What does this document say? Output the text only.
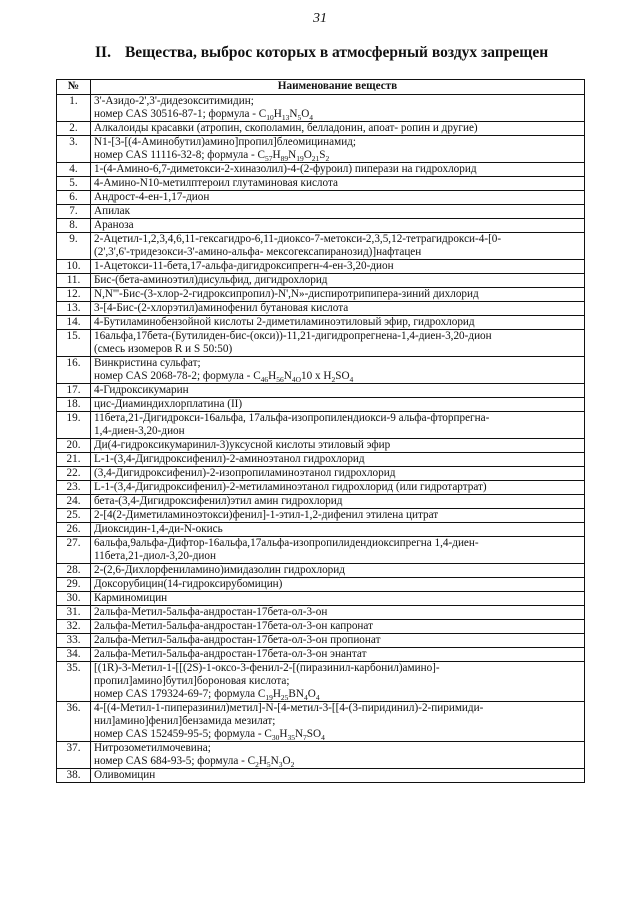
31
II. Вещества, выброс которых в атмосферный воздух запрещен
№	Наименование веществ
1.	3'-Азидо-2',3'-дидезокситимидин;
номер CAS 30516-87-1; формула - $C_{10}H_{13}N_5O_4$
2.	Алкалоиды красавки (атропин, скополамин, белладонин, апоат- ропин и другие)
3.	N1-[3-[(4-Аминобутил)амино]пропил]блеомицинамид;
номер CAS 11116-32-8; формула - $C_{57}H_{89}N_{19}O_{21}S_2$
4.	1-(4-Амино-6,7-диметокси-2-хиназолил)-4-(2-фуроил) пиперази на гидрохлорид
5.	4-Амино-N10-метилптероил глутаминовая кислота
6.	Андрост-4-ен-1,17-дион
7.	Апилак
8.	Араноза
9.	2-Ацетил-1,2,3,4,6,11-гексагидро-6,11-диоксо-7-метокси-2,3,5,12-тетрагидрокси-4-[0-
(2',3',6'-тридезокси-3'-амино-альфа- мексогексапиранозид)]нафтацен
10.	1-Ацетокси-11-бета,17-альфа-дигидроксипрегн-4-ен-3,20-дион
11.	Бис-(бета-аминоэтил)дисульфид, дигидрохлорид
12.	N,N'''-Бис-(3-хлор-2-гидроксипропил)-N',N»-диспиротрипипера-зиний дихлорид
13.	3-[4-Бис-(2-хлорэтил)аминофенил бутановая кислота
14.	4-Бутиламинобензойной кислоты 2-диметиламиноэтиловый эфир, гидрохлорид
15.	16альфа,17бета-(Бутилиден-бис-(окси))-11,21-дигидропрегнена-1,4-диен-3,20-дион
(смесь изомеров R и S 50:50)
16.	Винкристина сульфат;
номер CAS 2068-78-2; формула - $C_{46}H_{56}N_{4O}10$ х $H_2SO_4$
17.	4-Гидроксикумарин
18.	цис-Диаминдихлорплатина (II)
19.	11бета,21-Дигидрокси-16альфа, 17альфа-изопропилендиокси-9 альфа-фторпрегна-
1,4-диен-3,20-дион
20.	Ди(4-гидроксикумаринил-3)уксусной кислоты этиловый эфир
21.	L-1-(3,4-Дигидроксифенил)-2-аминоэтанол гидрохлорид
22.	(3,4-Дигидроксифенил)-2-изопропиламиноэтанол гидрохлорид
23.	L-1-(3,4-Дигидроксифенил)-2-метиламиноэтанол гидрохлорид (или гидротартрат)
24.	бета-(3,4-Дигидроксифенил)этил амин гидрохлорид
25.	2-[4(2-Диметиламиноэтокси)фенил]-1-этил-1,2-дифенил этилена цитрат
26.	Диоксидин-1,4-ди-N-окись
27.	6альфа,9альфа-Дифтор-16альфа,17альфа-изопропилидендиоксипрегна 1,4-диен-
11бета,21-диол-3,20-дион
28.	2-(2,6-Дихлорфениламино)имидазолин гидрохлорид
29.	Доксорубицин(14-гидроксирубомицин)
30.	Карминомицин
31.	2альфа-Метил-5альфа-андростан-17бета-ол-3-он
32.	2альфа-Метил-5альфа-андростан-17бета-ол-3-он капронат
33.	2альфа-Метил-5альфа-андростан-17бета-ол-3-он пропионат
34.	2альфа-Метил-5альфа-андростан-17бета-ол-3-он энантат
35.	[(1R)-3-Метил-1-[[(2S)-1-оксо-3-фенил-2-[(пиразинил-карбонил)амино]-
пропил]амино]бутил]бороновая кислота;
номер CAS 179324-69-7; формула $C_{19}H_{25}BN_4O_4$
36.	4-[(4-Метил-1-пиперазинил)метил]-N-[4-метил-3-[[4-(3-пиридинил)-2-пиримиди-
нил]амино]фенил]бензамида мезилат;
номер CAS 152459-95-5; формула - $C_{30}H_{35}N_7SO_4$
37.	Нитрозометилмочевина;
номер CAS 684-93-5; формула - $C_2H_5N_3O_2$
38.	Оливомицин
